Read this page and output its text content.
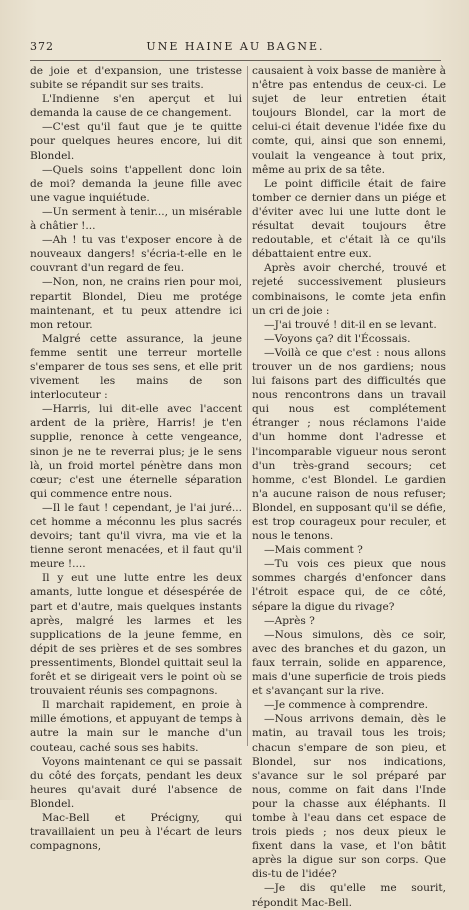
372	UNE HAINE AU BAGNE.

de joie et d'expansion, une tristesse subite se répandit sur ses traits.

L'Indienne s'en aperçut et lui demanda la cause de ce changement.

—C'est qu'il faut que je te quitte pour quelques heures encore, lui dit Blondel.

—Quels soins t'appellent donc loin de moi? demanda la jeune fille avec une vague inquiétude.

—Un serment à tenir..., un misérable à châtier !...

—Ah ! tu vas t'exposer encore à de nouveaux dangers! s'écria-t-elle en le couvrant d'un regard de feu.

—Non, non, ne crains rien pour moi, repartit Blondel, Dieu me protége maintenant, et tu peux attendre ici mon retour.

Malgré cette assurance, la jeune femme sentit une terreur mortelle s'emparer de tous ses sens, et elle prit vivement les mains de son interlocuteur :

—Harris, lui dit-elle avec l'accent ardent de la prière, Harris! je t'en supplie, renonce à cette vengeance, sinon je ne te reverrai plus; je le sens là, un froid mortel pénètre dans mon cœur; c'est une éternelle séparation qui commence entre nous.

—Il le faut ! cependant, je l'ai juré... cet homme a méconnu les plus sacrés devoirs; tant qu'il vivra, ma vie et la tienne seront menacées, et il faut qu'il meure !....

Il y eut une lutte entre les deux amants, lutte longue et désespérée de part et d'autre, mais quelques instants après, malgré les larmes et les supplications de la jeune femme, en dépit de ses prières et de ses sombres pressentiments, Blondel quittait seul la forêt et se dirigeait vers le point où se trouvaient réunis ses compagnons.

Il marchait rapidement, en proie à mille émotions, et appuyant de temps à autre la main sur le manche d'un couteau, caché sous ses habits.

Voyons maintenant ce qui se passait du côté des forçats, pendant les deux heures qu'avait duré l'absence de Blondel.

Mac-Bell et Précigny, qui travaillaient un peu à l'écart de leurs compagnons,

causaient à voix basse de manière à n'être pas entendus de ceux-ci. Le sujet de leur entretien était toujours Blondel, car la mort de celui-ci était devenue l'idée fixe du comte, qui, ainsi que son ennemi, voulait la vengeance à tout prix, même au prix de sa tête.

Le point difficile était de faire tomber ce dernier dans un piége et d'éviter avec lui une lutte dont le résultat devait toujours être redoutable, et c'était là ce qu'ils débattaient entre eux.

Après avoir cherché, trouvé et rejeté successivement plusieurs combinaisons, le comte jeta enfin un cri de joie :

—J'ai trouvé ! dit-il en se levant.

—Voyons ça? dit l'Écossais.

—Voilà ce que c'est : nous allons trouver un de nos gardiens; nous lui faisons part des difficultés que nous rencontrons dans un travail qui nous est complétement étranger ; nous réclamons l'aide d'un homme dont l'adresse et l'incomparable vigueur nous seront d'un très-grand secours; cet homme, c'est Blondel. Le gardien n'a aucune raison de nous refuser; Blondel, en supposant qu'il se défie, est trop courageux pour reculer, et nous le tenons.

—Mais comment ?

—Tu vois ces pieux que nous sommes chargés d'enfoncer dans l'étroit espace qui, de ce côté, sépare la digue du rivage?

—Après ?

—Nous simulons, dès ce soir, avec des branches et du gazon, un faux terrain, solide en apparence, mais d'une superficie de trois pieds et s'avançant sur la rive.

—Je commence à comprendre.

—Nous arrivons demain, dès le matin, au travail tous les trois; chacun s'empare de son pieu, et Blondel, sur nos indications, s'avance sur le sol préparé par nous, comme on fait dans l'Inde pour la chasse aux éléphants. Il tombe à l'eau dans cet espace de trois pieds ; nos deux pieux le fixent dans la vase, et l'on bâtit après la digue sur son corps. Que dis-tu de l'idée?

—Je dis qu'elle me sourit, répondit Mac-Bell.
